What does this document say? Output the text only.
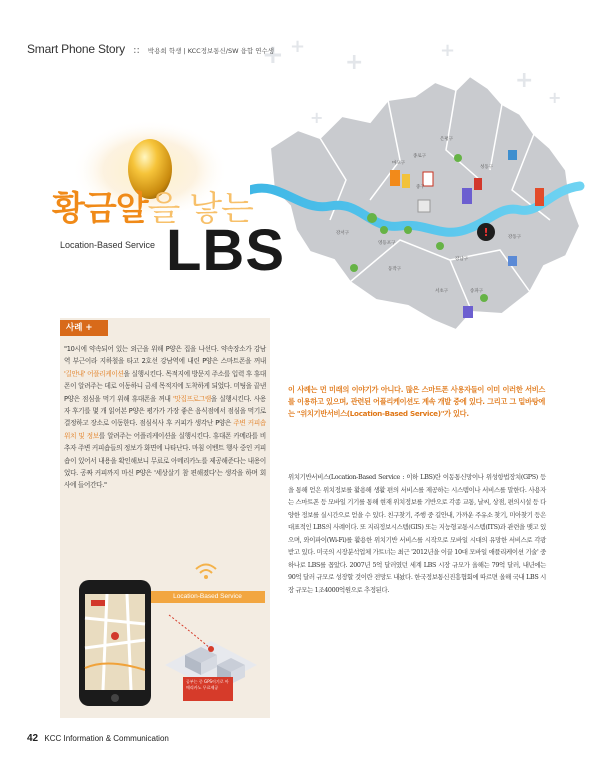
+ +
+	+
+
+
+
Smart Phone Story :: 박용희 학생 | KCC정보통신/SW 융합 연수생
!
은평구
종로구
마포구
중구
성동구
강서구
영등포구
동작구
서초구
강남구
강동구
송파구
황금알을 낳는
Location-Based Service LBS
사례 +
"10시에 약속되어 있는 외근을 위해 P양은 집을 나선다. 약속장소가 강남역 부근이라 지하철을 타고 2호선 강남역에 내린 P양은 스마트폰을 꺼내 '길안내' 어플리케이션을 실행시킨다. 목적지에 방문지 주소를 입력 후 휴대폰이 알려주는 데로 이동하니 금세 목적지에 도착하게 되었다. 미팅을 끝낸 P양은 점심을 먹기 위해 휴대폰을 꺼내 '맛집프로그램을 실행시킨다. 사용자 후기를 몇 개 읽어본 P양은 평가가 가장 좋은 음식점에서 점심을 먹기로 결정하고 장소로 이동한다. 점심식사 후 커피가 생각난 P양은 주변 커피숍 위치 및 정보를 알려주는 어플리케이션을 실행시킨다. 휴대폰 카메라를 비추자 주변 커피숍들의 정보가 화면에 나타난다. 마침 이벤트 행사 중인 커피숍이 있어서 내용을 확인해보니 무료로 아메리카노를 제공해준다는 내용이었다. 공짜 커피까지 마신 P양은 '세상살기 참 편해졌다'는 생각을 하며 회사에 들어간다."
Location-Based Service
공부는 중 GPS이기로 아메리카노 무료제공
이 사례는 먼 미래의 이야기가 아니다. 많은 스마트폰 사용자들이 이미 이러한 서비스를 이용하고 있으며, 관련된 어플리케이션도 계속 개발 중에 있다. 그리고 그 밑바탕에는 "위치기반서비스(Location-Based Service)"가 있다.
위치기반서비스(Location-Based Service : 이하 LBS)란 이동통신망이나 위성항법장치(GPS) 등을 통해 얻은 위치정보를 활용해 생활 편의 서비스를 제공하는 시스템이나 서비스를 말한다. 사용자는 스마트폰 등 모바일 기기를 통해 현재 위치정보를 기반으로 각종 교통, 날씨, 상점, 편의시설 등 다양한 정보를 실시간으로 얻을 수 있다. 친구찾기, 주행 중 길안내, 가까운 주유소 찾기, 미아찾기 등은 대표적인 LBS의 사례이다. 또 지리정보시스템(GIS) 또는 지능형교통시스템(ITS)과 관련을 맺고 있으며, 와이파이(Wi-Fi)를 활용한 위치기반 서비스를 시작으로 모바일 시대의 유망한 서비스로 각광받고 있다. 미국의 시장분석업체 가트너는 최근 '2012년을 이끌 10대 모바일 애플리케이션 기술' 중 하나로 LBS를 꼽았다. 2007년 5억 달러였던 세계 LBS 시장 규모가 올해는 79억 달러, 내년에는 90억 달러 규모로 성장할 것이란 전망도 내놨다. 한국정보통신진흥협회에 따르면 올해 국내 LBS 시장 규모는 1조4000억원으로 추정된다.
42 KCC Information & Communication
